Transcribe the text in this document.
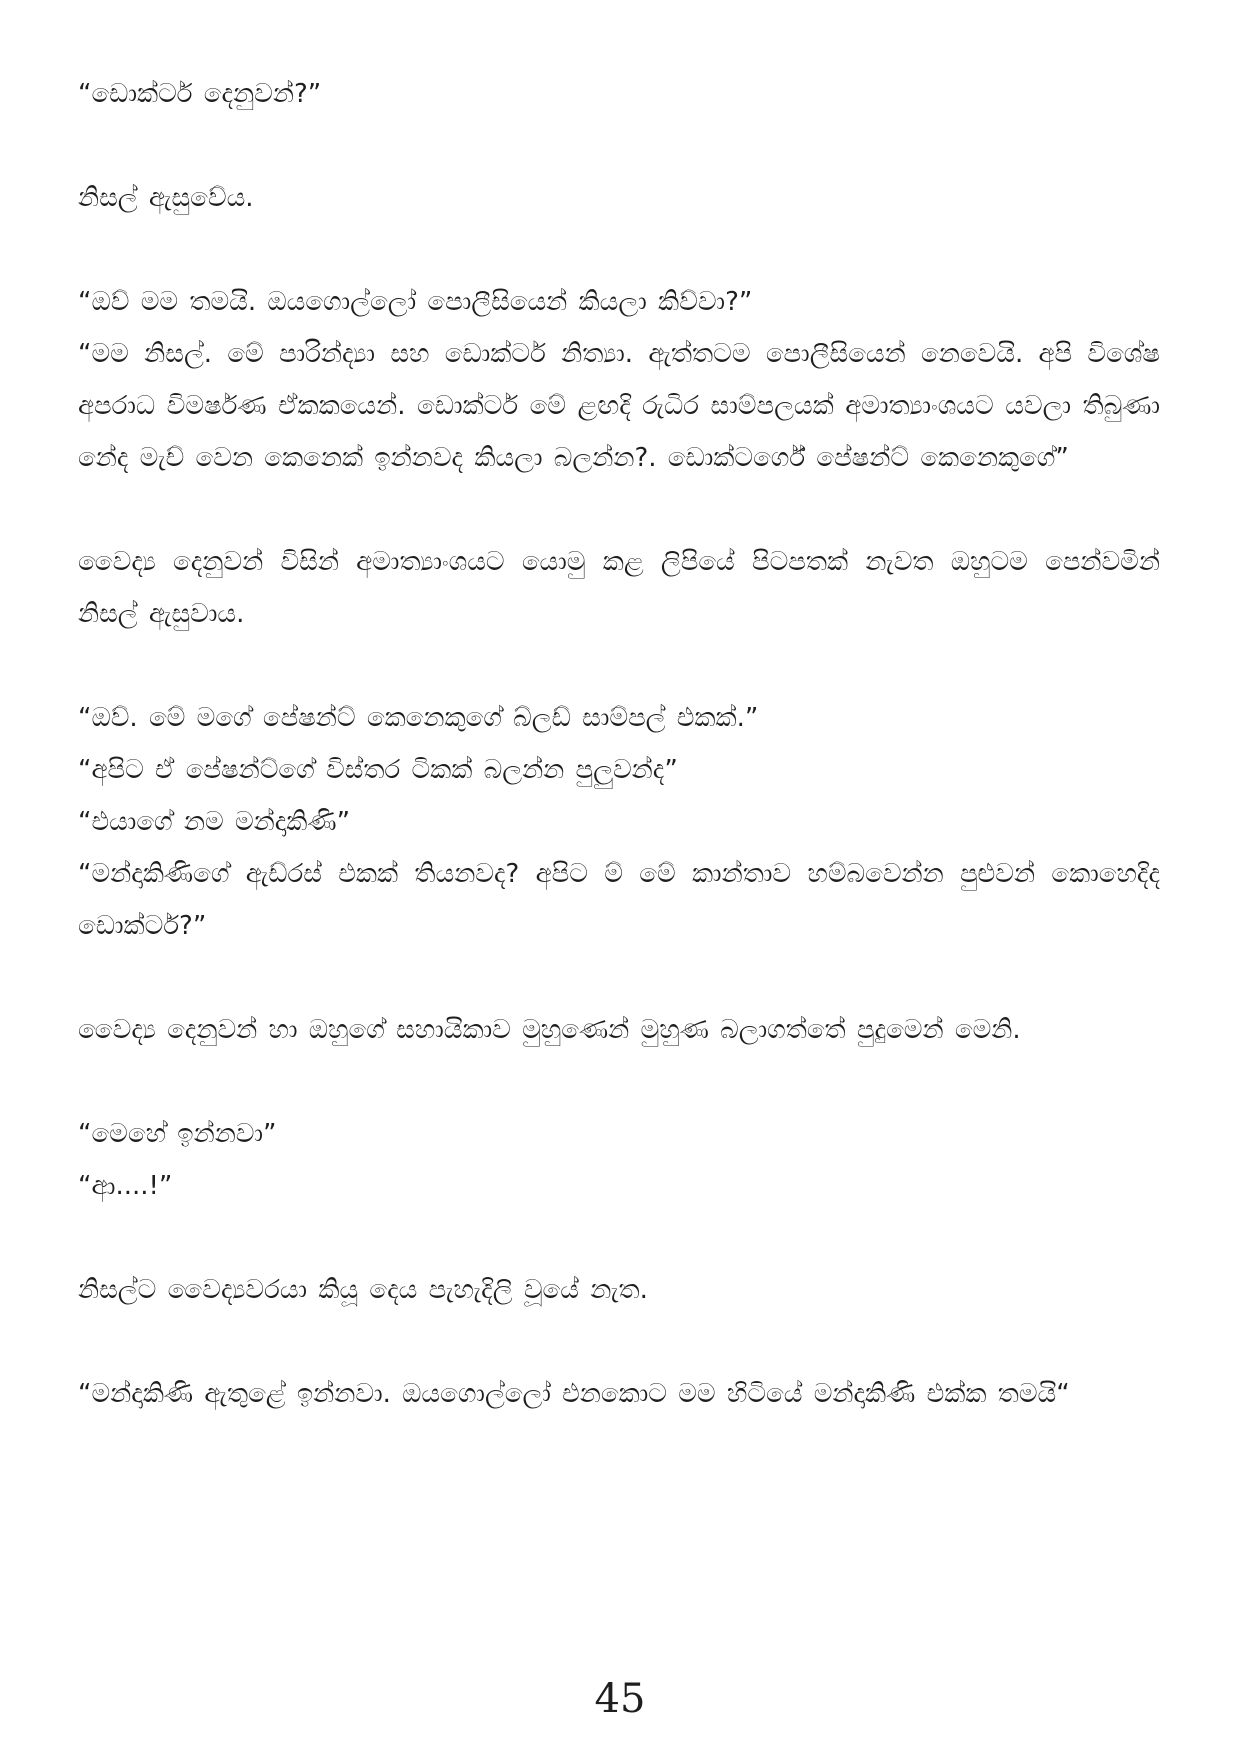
“ඩොක්ටර් දෙනුවන්?”

නිසල් ඇසුවේය.

“ඔව් මම තමයි. ඔයගොල්ලෝ පොලීසියෙන් කියලා කිව්වා?”

“මම නිසල්. මේ පාරින්ද්‍යා සහ ඩොක්ටර් නිත්‍යා. ඇත්තටම පොලීසියෙන් නෙවෙයි. අපි විශේෂ අපරාධ විමර්ෂණ ඒකකයෙන්. ඩොක්ටර් මේ ළඟදි රුධිර සාම්පලයක් අමාත්‍යාංශයට යවලා තිබුණා නේද මැච් වෙන කෙනෙක් ඉන්නවද කියලා බලන්න?. ඩොක්ටර්ගේ පේෂන්ට් කෙනෙකුගේ”

වෛද්‍ය දෙනුවන් විසින් අමාත්‍යාංශයට යොමු කළ ලිපියේ පිටපතක් නැවත ඔහුටම පෙන්වමින් නිසල් ඇසුවාය.

“ඔව්. මේ මගේ පේෂන්ට් කෙනෙකුගේ බ්ලඩ් සාම්පල් එකක්.”

“අපිට ඒ පේෂන්ට්ගේ විස්තර ටිකක් බලන්න පුලුවන්ද”

“එයාගේ නම මන්දාකිණි”

“මන්දාකිණිගේ ඇඩ්රස් එකක් තියනවද? අපිට ම් මේ කාන්තාව හම්බවෙන්න පුළුවන් කොහෙදිද ඩොක්ටර්?”

වෛද්‍ය දෙනුවන් හා ඔහුගේ සහායිකාව මුහුණෙන් මුහුණ බලාගත්තේ පුදුමෙන් මෙනි.

“මෙහේ ඉන්නවා”

“ආ....!”

නිසල්ට වෛද්‍යවරයා කියූ දෙය පැහැදිලි වූයේ නැත.

“මන්දාකිණි ඇතුළේ ඉන්නවා. ඔයගොල්ලෝ එනකොට මම හිටියේ මන්දාකිණි එක්ක තමයි“

45
